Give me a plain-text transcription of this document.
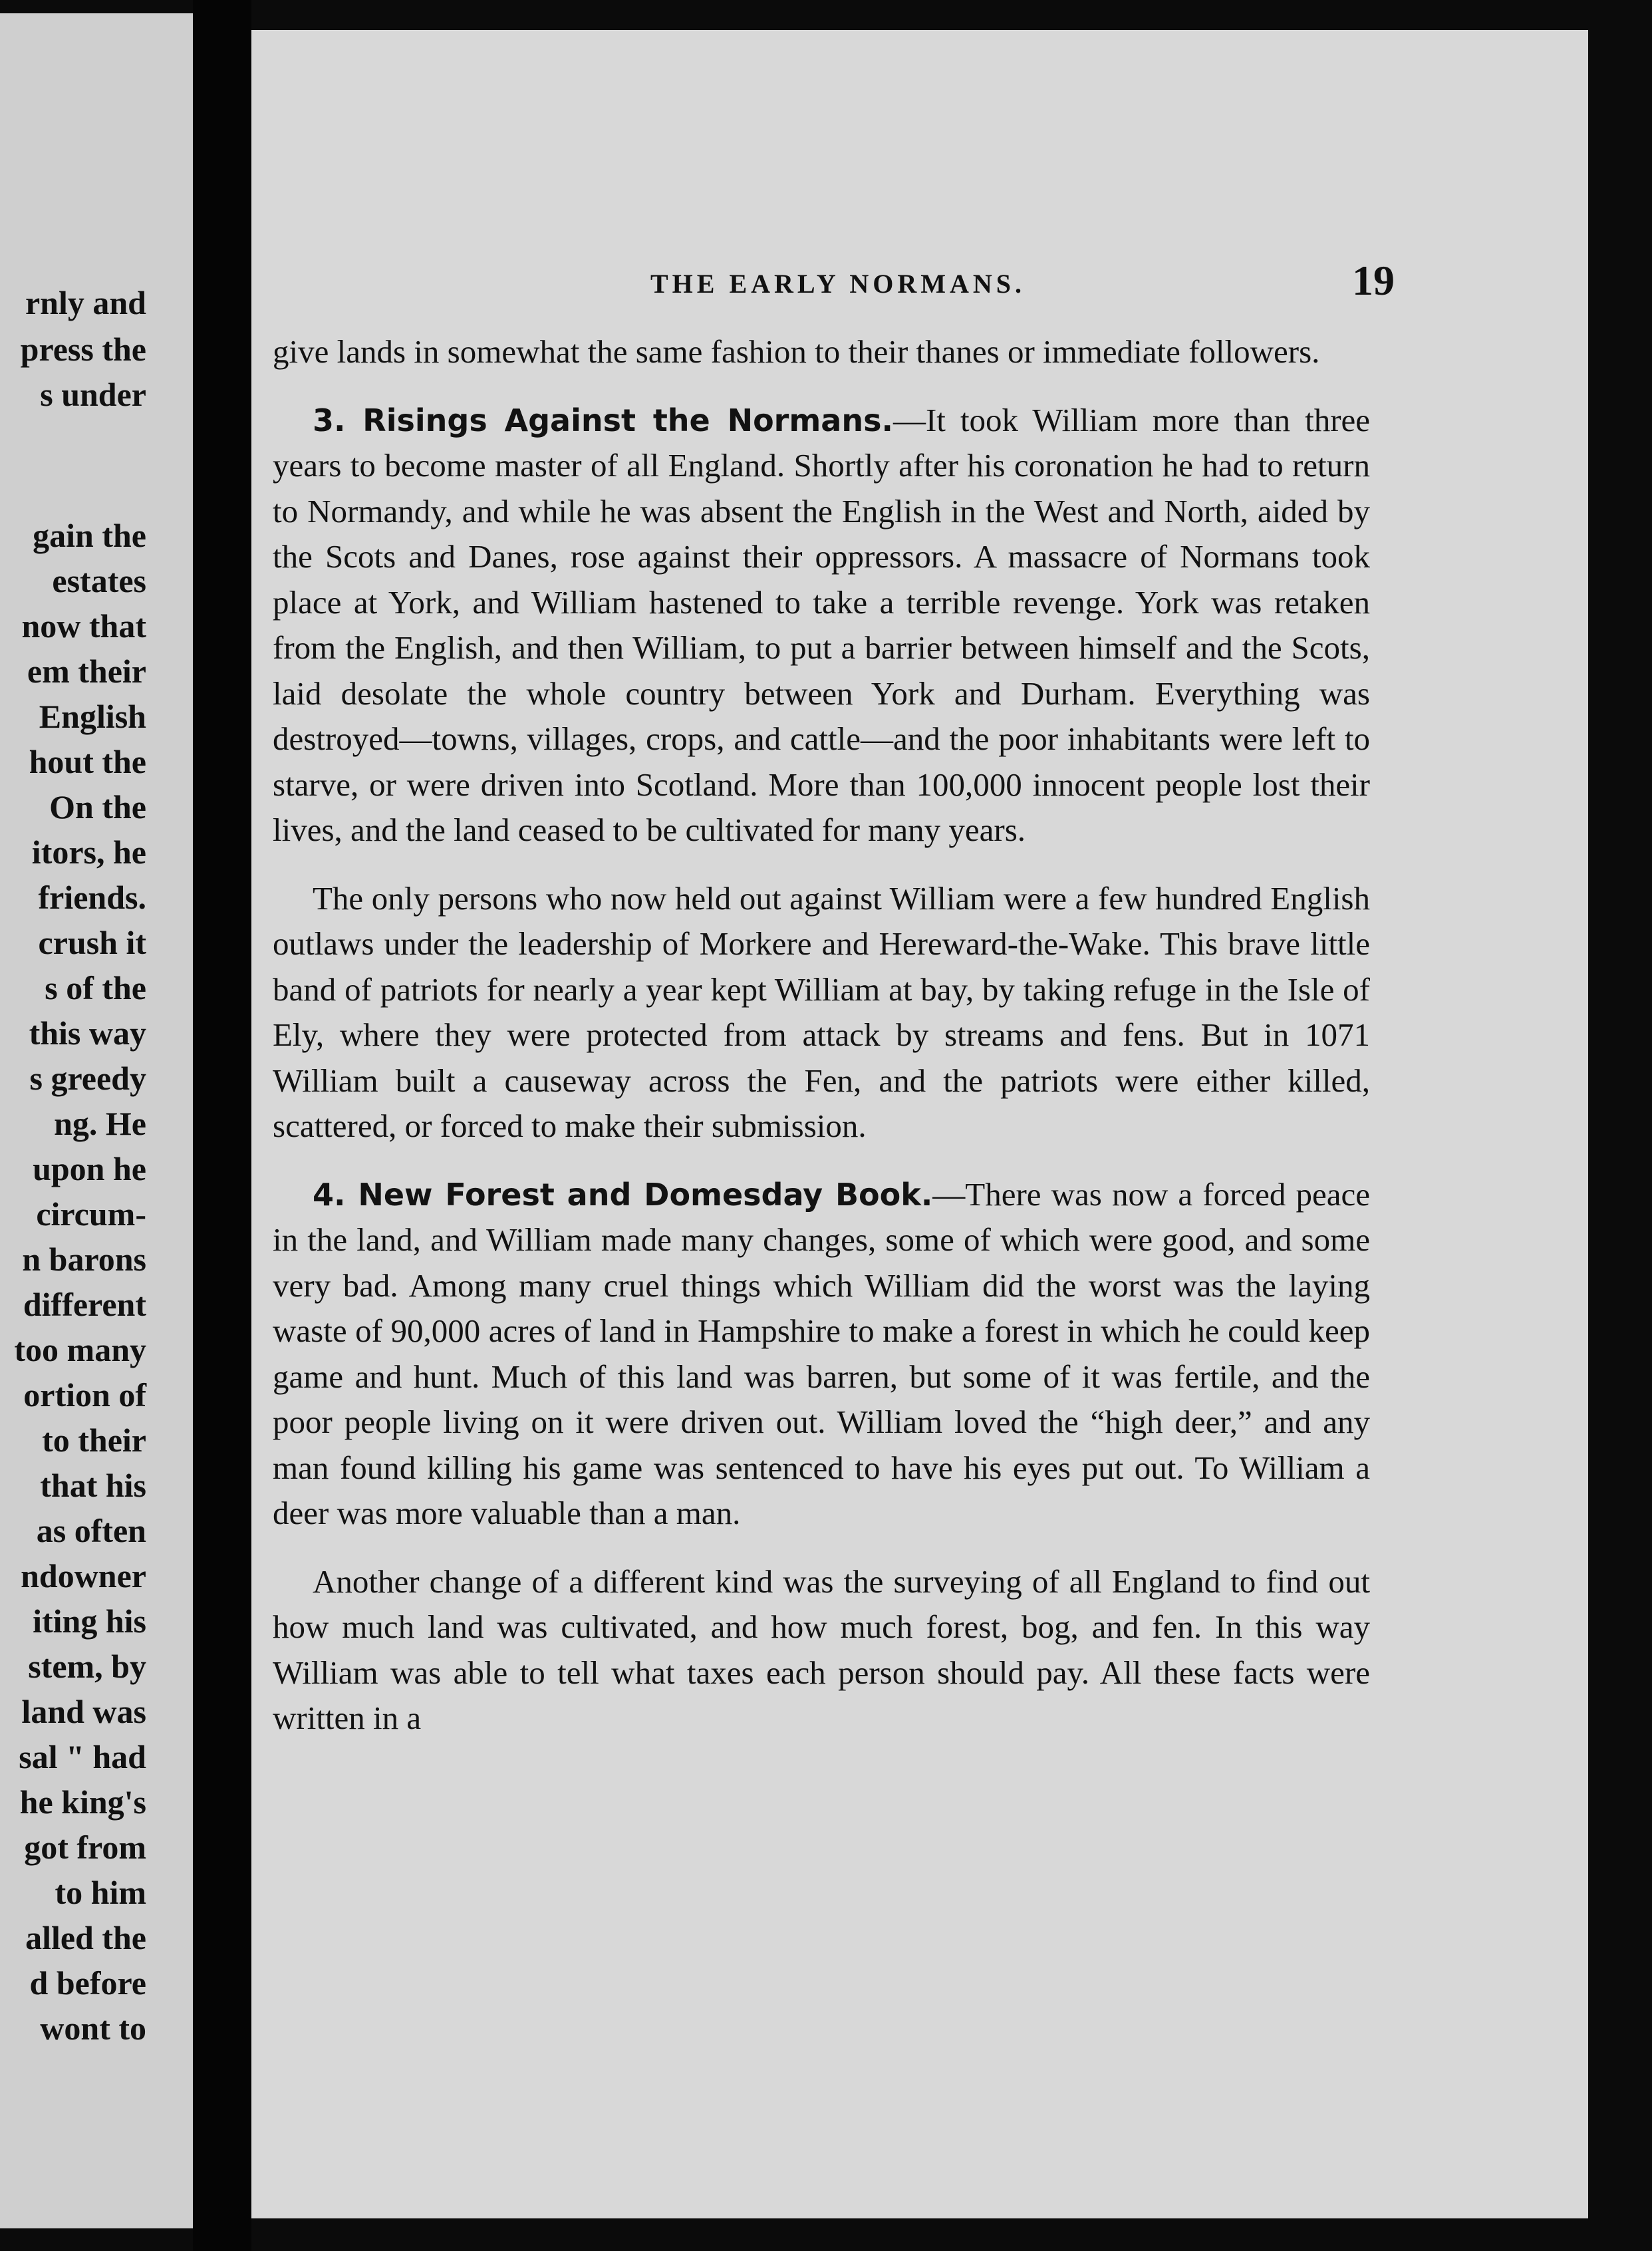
rnly and
press the
s under
gain the
estates
now that
em their
English
hout the
On the
itors, he
friends.
crush it
s of the
this way
s greedy
ng. He
upon he
circum-
n barons
different
too many
ortion of
to their
that his
as often
ndowner
iting his
stem, by
land was
sal " had
he king's
got from
to him
alled the
d before
wont to
THE EARLY NORMANS.	19

give lands in somewhat the same fashion to their thanes or immediate followers.

3. Risings Against the Normans.—It took William more than three years to become master of all England. Shortly after his coronation he had to return to Normandy, and while he was absent the English in the West and North, aided by the Scots and Danes, rose against their oppressors. A massacre of Normans took place at York, and William hastened to take a terrible revenge. York was retaken from the English, and then William, to put a barrier between himself and the Scots, laid desolate the whole country between York and Durham. Everything was destroyed—towns, villages, crops, and cattle—and the poor inhabitants were left to starve, or were driven into Scotland. More than 100,000 innocent people lost their lives, and the land ceased to be cultivated for many years.

The only persons who now held out against William were a few hundred English outlaws under the leadership of Morkere and Hereward-the-Wake. This brave little band of patriots for nearly a year kept William at bay, by taking refuge in the Isle of Ely, where they were protected from attack by streams and fens. But in 1071 William built a causeway across the Fen, and the patriots were either killed, scattered, or forced to make their submission.

4. New Forest and Domesday Book.—There was now a forced peace in the land, and William made many changes, some of which were good, and some very bad. Among many cruel things which William did the worst was the laying waste of 90,000 acres of land in Hampshire to make a forest in which he could keep game and hunt. Much of this land was barren, but some of it was fertile, and the poor people living on it were driven out. William loved the “high deer,” and any man found killing his game was sentenced to have his eyes put out. To William a deer was more valuable than a man.

Another change of a different kind was the surveying of all England to find out how much land was cultivated, and how much forest, bog, and fen. In this way William was able to tell what taxes each person should pay. All these facts were written in a
